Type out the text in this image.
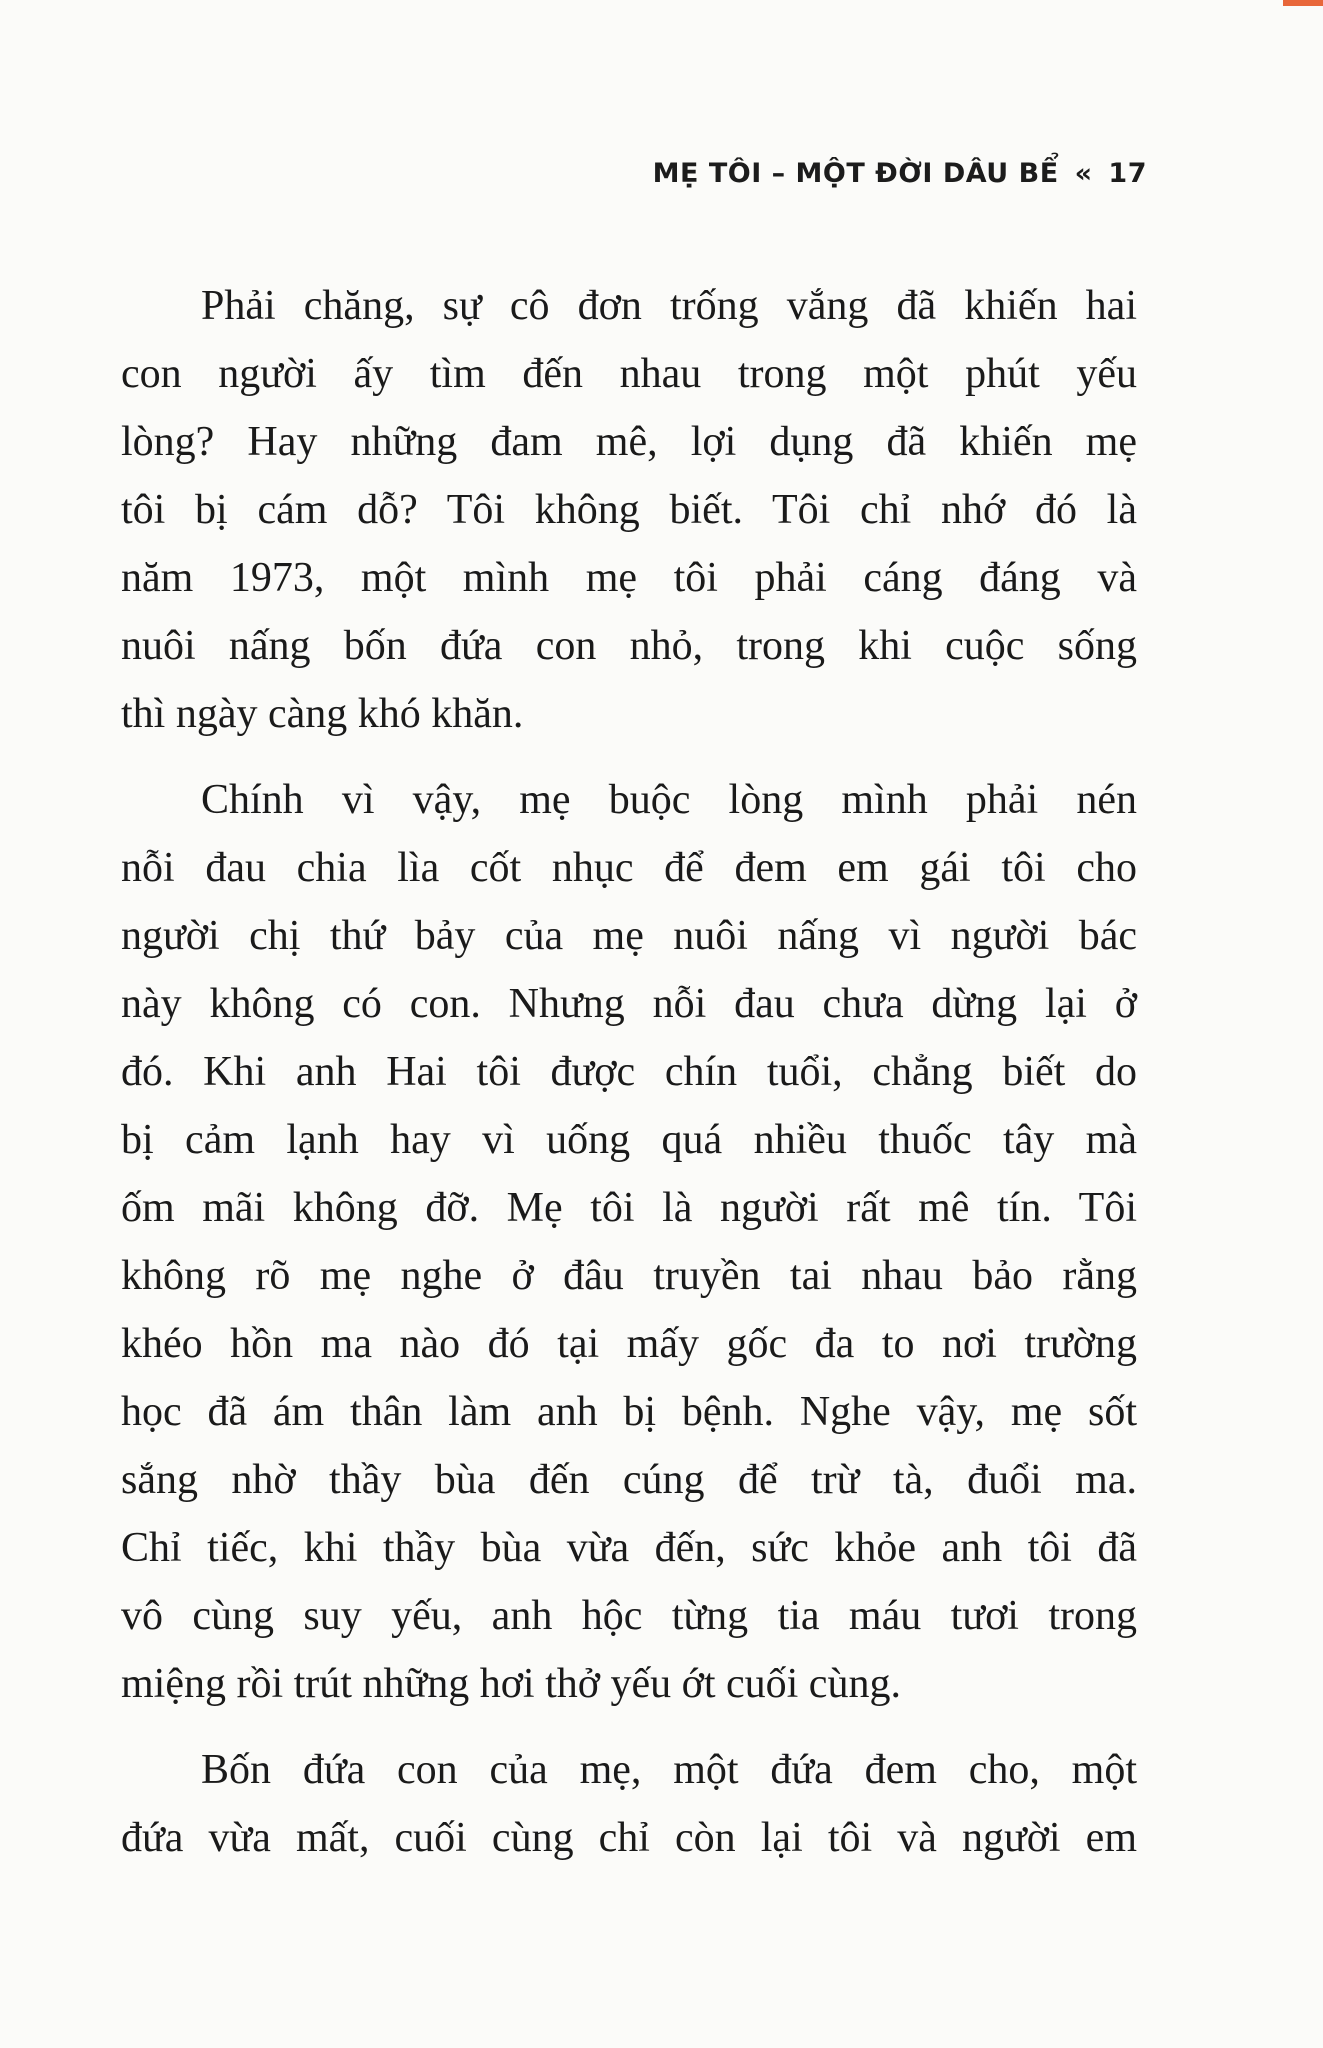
MẸ TÔI – MỘT ĐỜI DÂU BỂ « 17
Phải chăng, sự cô đơn trống vắng đã khiến hai
con người ấy tìm đến nhau trong một phút yếu
lòng? Hay những đam mê, lợi dụng đã khiến mẹ
tôi bị cám dỗ? Tôi không biết. Tôi chỉ nhớ đó là
năm 1973, một mình mẹ tôi phải cáng đáng và
nuôi nấng bốn đứa con nhỏ, trong khi cuộc sống
thì ngày càng khó khăn.
Chính vì vậy, mẹ buộc lòng mình phải nén
nỗi đau chia lìa cốt nhục để đem em gái tôi cho
người chị thứ bảy của mẹ nuôi nấng vì người bác
này không có con. Nhưng nỗi đau chưa dừng lại ở
đó. Khi anh Hai tôi được chín tuổi, chẳng biết do
bị cảm lạnh hay vì uống quá nhiều thuốc tây mà
ốm mãi không đỡ. Mẹ tôi là người rất mê tín. Tôi
không rõ mẹ nghe ở đâu truyền tai nhau bảo rằng
khéo hồn ma nào đó tại mấy gốc đa to nơi trường
học đã ám thân làm anh bị bệnh. Nghe vậy, mẹ sốt
sắng nhờ thầy bùa đến cúng để trừ tà, đuổi ma.
Chỉ tiếc, khi thầy bùa vừa đến, sức khỏe anh tôi đã
vô cùng suy yếu, anh hộc từng tia máu tươi trong
miệng rồi trút những hơi thở yếu ớt cuối cùng.
Bốn đứa con của mẹ, một đứa đem cho, một
đứa vừa mất, cuối cùng chỉ còn lại tôi và người em
